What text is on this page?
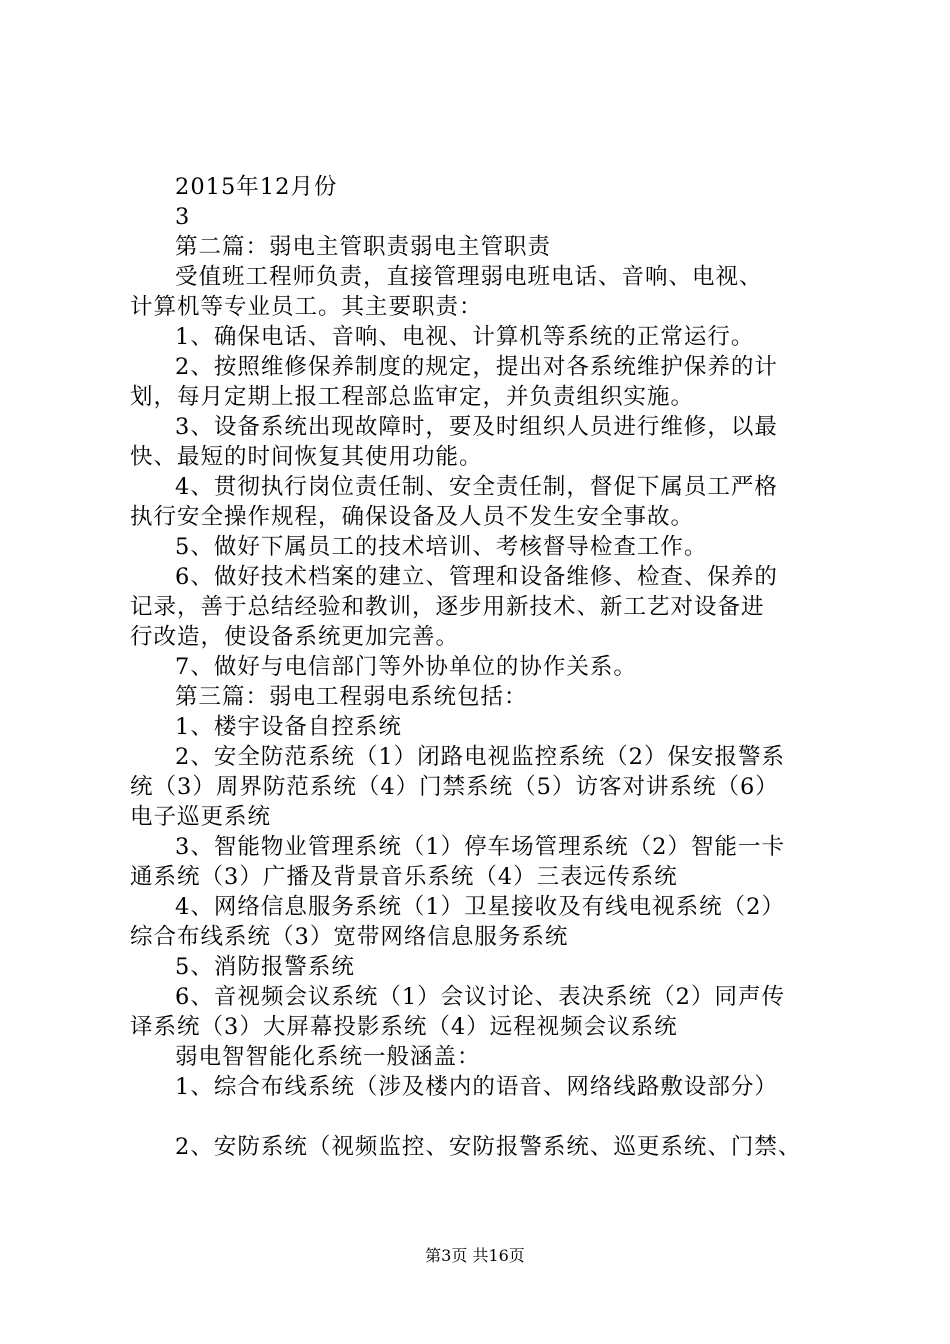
2015年12月份
3
第二篇：弱电主管职责弱电主管职责
受值班工程师负责，直接管理弱电班电话、音响、电视、
计算机等专业员工。其主要职责：
1、确保电话、音响、电视、计算机等系统的正常运行。
2、按照维修保养制度的规定，提出对各系统维护保养的计
划，每月定期上报工程部总监审定，并负责组织实施。
3、设备系统出现故障时，要及时组织人员进行维修，以最
快、最短的时间恢复其使用功能。
4、贯彻执行岗位责任制、安全责任制，督促下属员工严格
执行安全操作规程，确保设备及人员不发生安全事故。
5、做好下属员工的技术培训、考核督导检查工作。
6、做好技术档案的建立、管理和设备维修、检查、保养的
记录，善于总结经验和教训，逐步用新技术、新工艺对设备进
行改造，使设备系统更加完善。
7、做好与电信部门等外协单位的协作关系。
第三篇：弱电工程弱电系统包括：
1、楼宇设备自控系统
2、安全防范系统（1）闭路电视监控系统（2）保安报警系
统（3）周界防范系统（4）门禁系统（5）访客对讲系统（6）
电子巡更系统
3、智能物业管理系统（1）停车场管理系统（2）智能一卡
通系统（3）广播及背景音乐系统（4）三表远传系统
4、网络信息服务系统（1）卫星接收及有线电视系统（2）
综合布线系统（3）宽带网络信息服务系统
5、消防报警系统
6、音视频会议系统（1）会议讨论、表决系统（2）同声传
译系统（3）大屏幕投影系统（4）远程视频会议系统
弱电智智能化系统一般涵盖：
1、综合布线系统（涉及楼内的语音、网络线路敷设部分）
2、安防系统（视频监控、安防报警系统、巡更系统、门禁、
第3页 共16页
